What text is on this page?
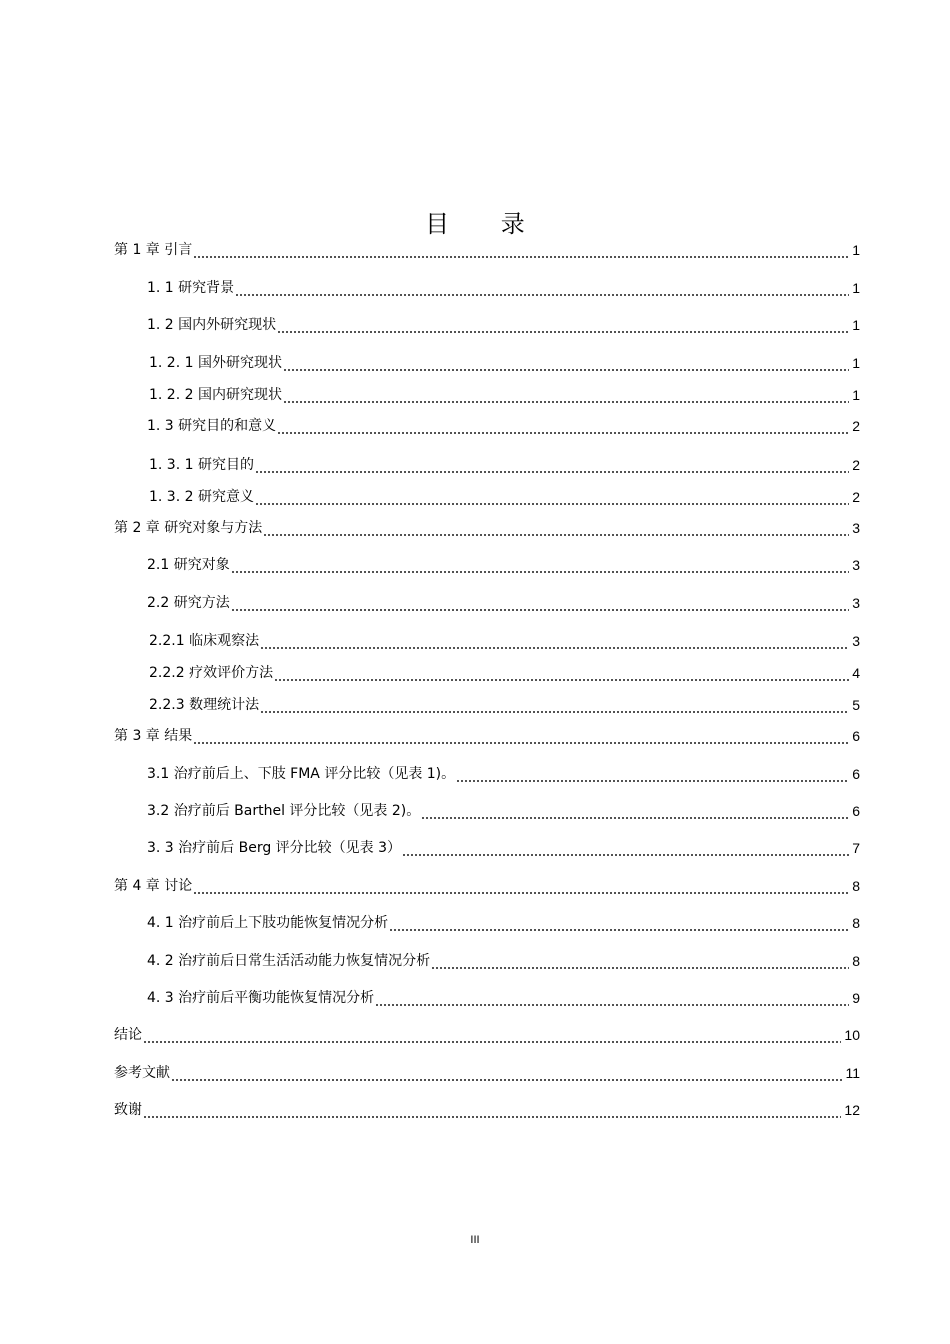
目 录
第 1 章 引言	1
1. 1 研究背景	1
1. 2 国内外研究现状	1
1. 2. 1 国外研究现状	1
1. 2. 2 国内研究现状	1
1. 3 研究目的和意义	2
1. 3. 1 研究目的	2
1. 3. 2 研究意义	2
第 2 章 研究对象与方法	3
2.1 研究对象	3
2.2 研究方法	3
2.2.1 临床观察法	3
2.2.2 疗效评价方法	4
2.2.3 数理统计法	5
第 3 章 结果	6
3.1 治疗前后上、下肢 FMA 评分比较（见表 1)。	6
3.2 治疗前后 Barthel 评分比较（见表 2)。	6
3. 3 治疗前后 Berg 评分比较（见表 3）	7
第 4 章 讨论	8
4. 1 治疗前后上下肢功能恢复情况分析	8
4. 2 治疗前后日常生活活动能力恢复情况分析	8
4. 3 治疗前后平衡功能恢复情况分析	9
结论	10
参考文献	11
致谢	12
III
